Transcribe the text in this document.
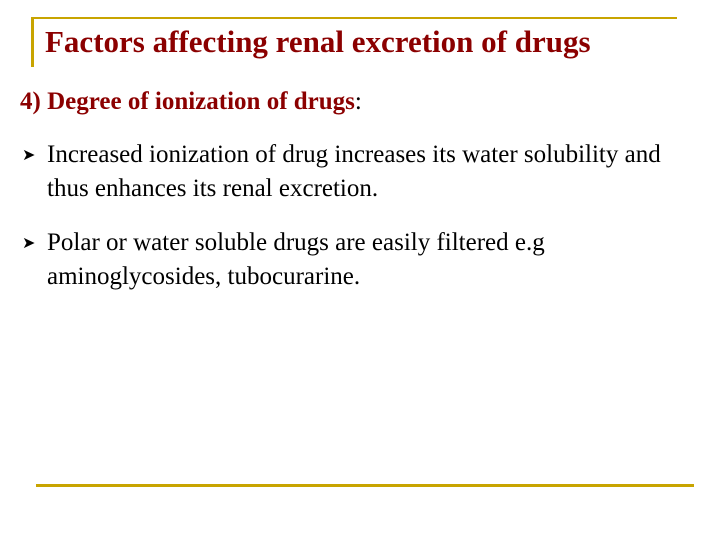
Factors affecting renal excretion of drugs
4) Degree of ionization of drugs:
➤ Increased ionization of drug increases its water solubility and thus enhances its renal excretion.
➤ Polar or water soluble drugs are easily filtered e.g aminoglycosides, tubocurarine.
